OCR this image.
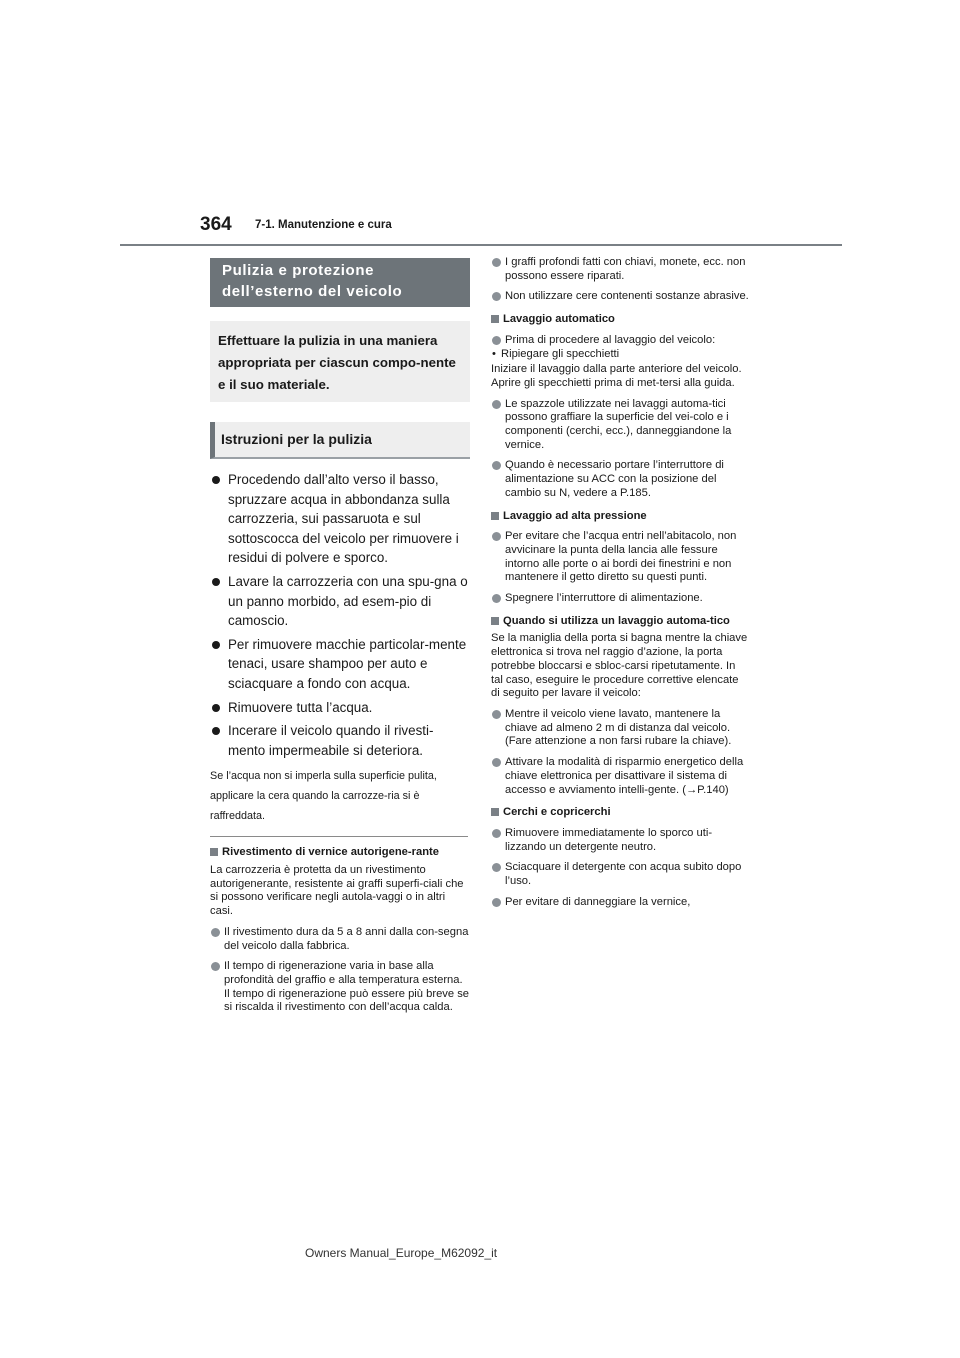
364 7-1. Manutenzione e cura
Pulizia e protezione dell’esterno del veicolo
Effettuare la pulizia in una maniera appropriata per ciascun compo-nente e il suo materiale.
Istruzioni per la pulizia
Procedendo dall’alto verso il basso, spruzzare acqua in abbondanza sulla carrozzeria, sui passaruota e sul sottoscocca del veicolo per rimuovere i residui di polvere e sporco.
Lavare la carrozzeria con una spu-gna o un panno morbido, ad esem-pio di camoscio.
Per rimuovere macchie particolar-mente tenaci, usare shampoo per auto e sciacquare a fondo con acqua.
Rimuovere tutta l’acqua.
Incerare il veicolo quando il rivesti-mento impermeabile si deteriora.
Se l’acqua non si imperla sulla superficie pulita, applicare la cera quando la carrozze-ria si è raffreddata.
Rivestimento di vernice autorigene-rante
La carrozzeria è protetta da un rivestimento autorigenerante, resistente ai graffi superfi-ciali che si possono verificare negli autola-vaggi o in altri casi.
Il rivestimento dura da 5 a 8 anni dalla con-segna del veicolo dalla fabbrica.
Il tempo di rigenerazione varia in base alla profondità del graffio e alla temperatura esterna.
Il tempo di rigenerazione può essere più breve se si riscalda il rivestimento con dell’acqua calda.
I graffi profondi fatti con chiavi, monete, ecc. non possono essere riparati.
Non utilizzare cere contenenti sostanze abrasive.
Lavaggio automatico
Prima di procedere al lavaggio del veicolo:
• Ripiegare gli specchietti
Iniziare il lavaggio dalla parte anteriore del veicolo. Aprire gli specchietti prima di met-tersi alla guida.
Le spazzole utilizzate nei lavaggi automa-tici possono graffiare la superficie del vei-colo e i componenti (cerchi, ecc.), danneggiandone la vernice.
Quando è necessario portare l’interruttore di alimentazione su ACC con la posizione del cambio su N, vedere a P.185.
Lavaggio ad alta pressione
Per evitare che l’acqua entri nell’abitacolo, non avvicinare la punta della lancia alle fessure intorno alle porte o ai bordi dei finestrini e non mantenere il getto diretto su questi punti.
Spegnere l’interruttore di alimentazione.
Quando si utilizza un lavaggio automa-tico
Se la maniglia della porta si bagna mentre la chiave elettronica si trova nel raggio d’azione, la porta potrebbe bloccarsi e sbloc-carsi ripetutamente. In tal caso, eseguire le procedure correttive elencate di seguito per lavare il veicolo:
Mentre il veicolo viene lavato, mantenere la chiave ad almeno 2 m di distanza dal veicolo. (Fare attenzione a non farsi rubare la chiave).
Attivare la modalità di risparmio energetico della chiave elettronica per disattivare il sistema di accesso e avviamento intelli-gente. (→P.140)
Cerchi e copricerchi
Rimuovere immediatamente lo sporco uti-lizzando un detergente neutro.
Sciacquare il detergente con acqua subito dopo l’uso.
Per evitare di danneggiare la vernice,
Owners Manual_Europe_M62092_it
